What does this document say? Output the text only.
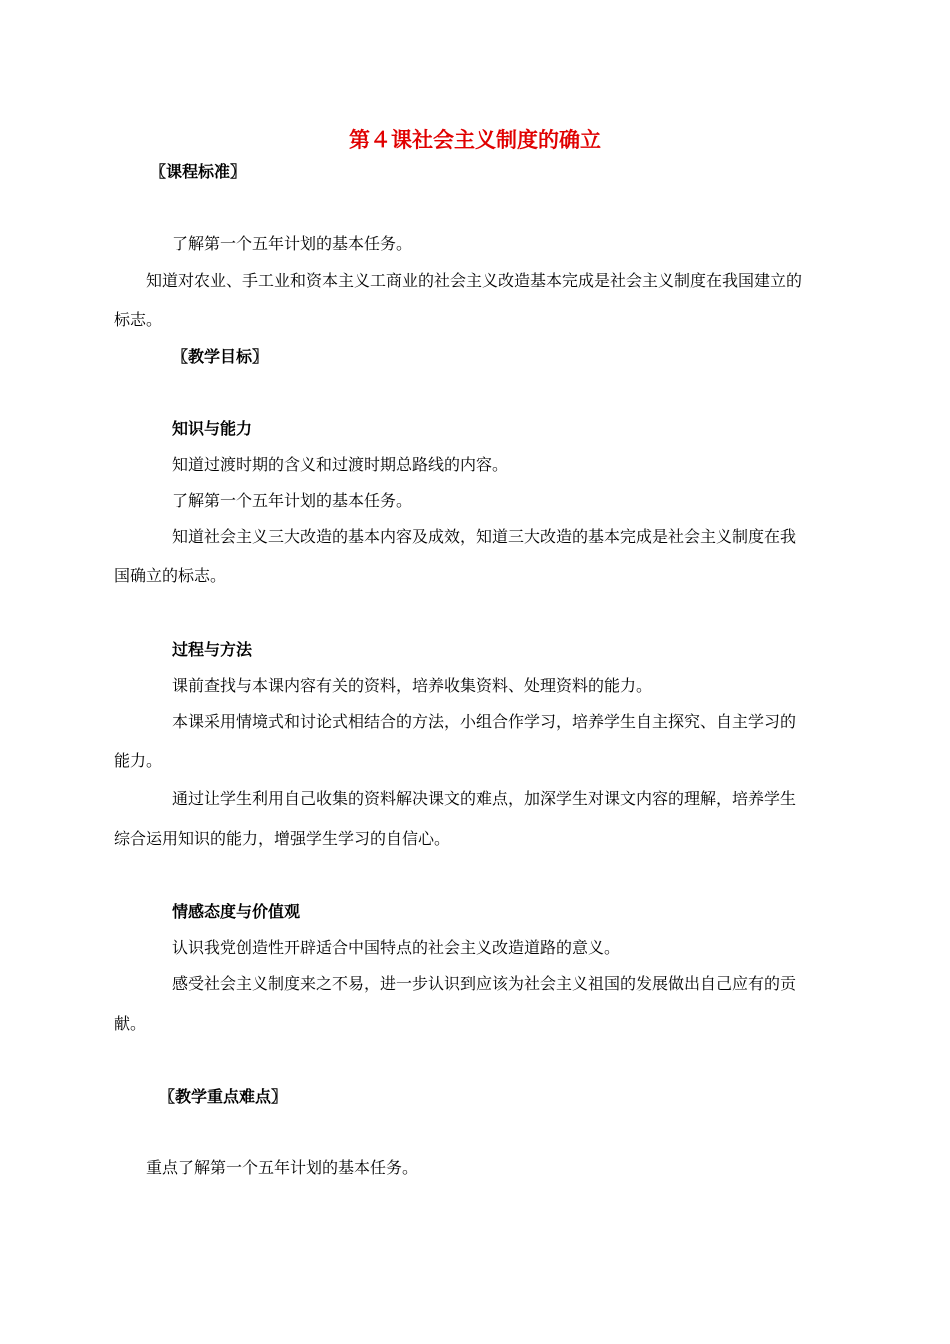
第４课社会主义制度的确立
〖课程标准〗
了解第一个五年计划的基本任务。
知道对农业、手工业和资本主义工商业的社会主义改造基本完成是社会主义制度在我国建立的
标志。
〖教学目标〗
知识与能力
知道过渡时期的含义和过渡时期总路线的内容。
了解第一个五年计划的基本任务。
知道社会主义三大改造的基本内容及成效，知道三大改造的基本完成是社会主义制度在我
国确立的标志。
过程与方法
课前查找与本课内容有关的资料，培养收集资料、处理资料的能力。
本课采用情境式和讨论式相结合的方法，小组合作学习，培养学生自主探究、自主学习的
能力。
通过让学生利用自己收集的资料解决课文的难点，加深学生对课文内容的理解，培养学生
综合运用知识的能力，增强学生学习的自信心。
情感态度与价值观
认识我党创造性开辟适合中国特点的社会主义改造道路的意义。
感受社会主义制度来之不易，进一步认识到应该为社会主义祖国的发展做出自己应有的贡
献。
〖教学重点难点〗
重点了解第一个五年计划的基本任务。
